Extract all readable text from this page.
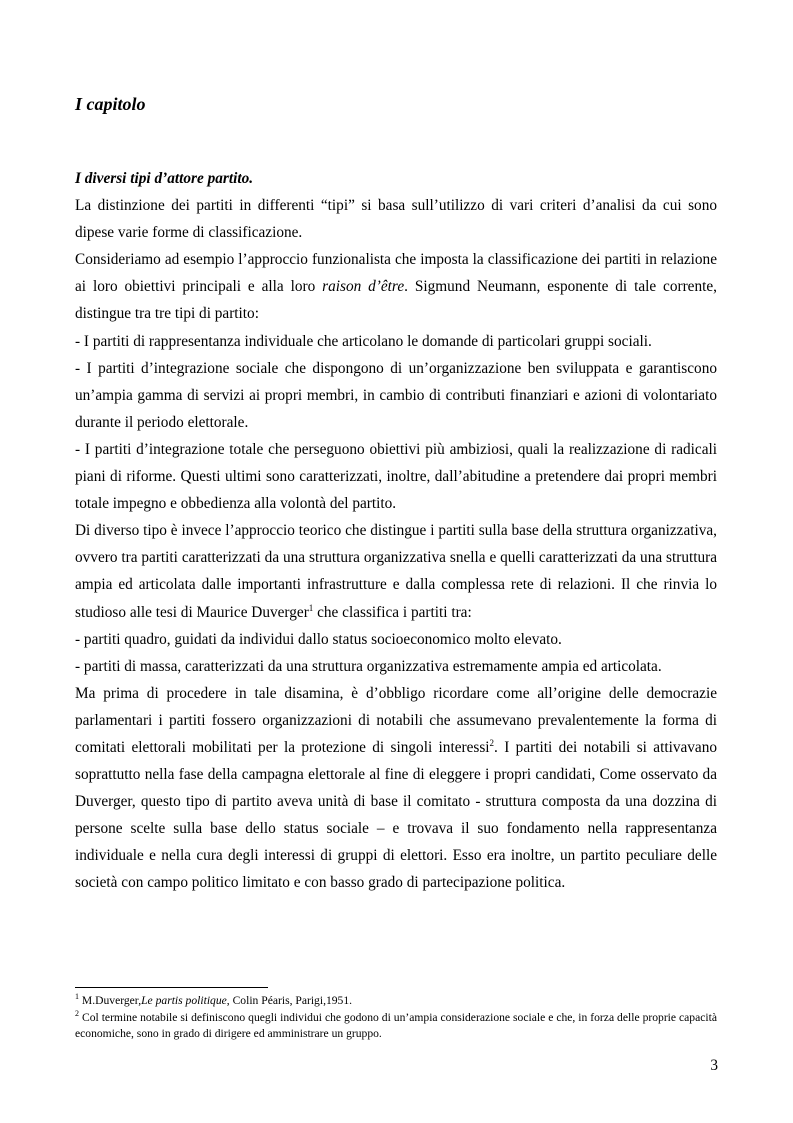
I capitolo

I diversi tipi d’attore partito.

La distinzione dei partiti in differenti “tipi” si basa sull’utilizzo di vari criteri d’analisi da cui sono dipese varie forme di classificazione.

Consideriamo ad esempio l’approccio funzionalista che imposta la classificazione dei partiti in relazione ai loro obiettivi principali e alla loro raison d’être. Sigmund Neumann, esponente di tale corrente, distingue tra tre tipi di partito:

- I partiti di rappresentanza individuale che articolano le domande di particolari gruppi sociali.

- I partiti d’integrazione sociale che dispongono di un’organizzazione ben sviluppata e garantiscono un’ampia gamma di servizi ai propri membri, in cambio di contributi finanziari e azioni di volontariato durante il periodo elettorale.

- I partiti d’integrazione totale che perseguono obiettivi più ambiziosi, quali la realizzazione di radicali piani di riforme. Questi ultimi sono caratterizzati, inoltre, dall’abitudine a pretendere dai propri membri totale impegno e obbedienza alla volontà del partito.

Di diverso tipo è invece l’approccio teorico che distingue i partiti sulla base della struttura organizzativa, ovvero tra partiti caratterizzati da una struttura organizzativa snella e quelli caratterizzati da una struttura ampia ed articolata dalle importanti infrastrutture e dalla complessa rete di relazioni. Il che rinvia lo studioso alle tesi di Maurice Duverger$^1$ che classifica i partiti tra:

- partiti quadro, guidati da individui dallo status socioeconomico molto elevato.

- partiti di massa, caratterizzati da una struttura organizzativa estremamente ampia ed articolata.

Ma prima di procedere in tale disamina, è d’obbligo ricordare come all’origine delle democrazie parlamentari i partiti fossero organizzazioni di notabili che assumevano prevalentemente la forma di comitati elettorali mobilitati per la protezione di singoli interessi$^2$. I partiti dei notabili si attivavano soprattutto nella fase della campagna elettorale al fine di eleggere i propri candidati, Come osservato da Duverger, questo tipo di partito aveva unità di base il comitato - struttura composta da una dozzina di persone scelte sulla base dello status sociale – e trovava il suo fondamento nella rappresentanza individuale e nella cura degli interessi di gruppi di elettori. Esso era inoltre, un partito peculiare delle società con campo politico limitato e con basso grado di partecipazione politica.

$^1$ M.Duverger,Le partis politique, Colin Péaris, Parigi,1951.

$^2$ Col termine notabile si definiscono quegli individui che godono di un’ampia considerazione sociale e che, in forza delle proprie capacità economiche, sono in grado di dirigere ed amministrare un gruppo.

3
